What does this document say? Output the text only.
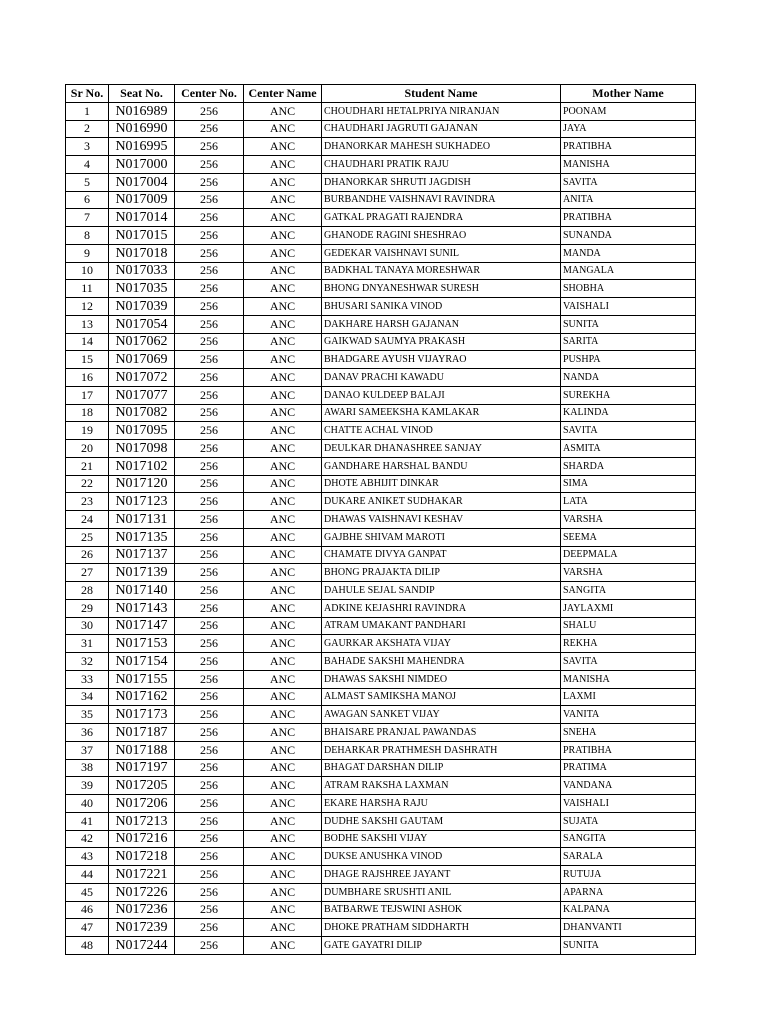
Sr No.	Seat No.	Center No.	Center Name	Student Name	Mother Name
1	N016989	256	ANC	CHOUDHARI HETALPRIYA NIRANJAN	POONAM
2	N016990	256	ANC	CHAUDHARI JAGRUTI GAJANAN	JAYA
3	N016995	256	ANC	DHANORKAR MAHESH SUKHADEO	PRATIBHA
4	N017000	256	ANC	CHAUDHARI PRATIK RAJU	MANISHA
5	N017004	256	ANC	DHANORKAR SHRUTI JAGDISH	SAVITA
6	N017009	256	ANC	BURBANDHE VAISHNAVI RAVINDRA	ANITA
7	N017014	256	ANC	GATKAL PRAGATI RAJENDRA	PRATIBHA
8	N017015	256	ANC	GHANODE RAGINI SHESHRAO	SUNANDA
9	N017018	256	ANC	GEDEKAR VAISHNAVI SUNIL	MANDA
10	N017033	256	ANC	BADKHAL TANAYA MORESHWAR	MANGALA
11	N017035	256	ANC	BHONG DNYANESHWAR SURESH	SHOBHA
12	N017039	256	ANC	BHUSARI SANIKA VINOD	VAISHALI
13	N017054	256	ANC	DAKHARE HARSH GAJANAN	SUNITA
14	N017062	256	ANC	GAIKWAD SAUMYA PRAKASH	SARITA
15	N017069	256	ANC	BHADGARE AYUSH VIJAYRAO	PUSHPA
16	N017072	256	ANC	DANAV PRACHI KAWADU	NANDA
17	N017077	256	ANC	DANAO KULDEEP BALAJI	SUREKHA
18	N017082	256	ANC	AWARI SAMEEKSHA KAMLAKAR	KALINDA
19	N017095	256	ANC	CHATTE ACHAL VINOD	SAVITA
20	N017098	256	ANC	DEULKAR DHANASHREE SANJAY	ASMITA
21	N017102	256	ANC	GANDHARE HARSHAL BANDU	SHARDA
22	N017120	256	ANC	DHOTE ABHIJIT DINKAR	SIMA
23	N017123	256	ANC	DUKARE ANIKET SUDHAKAR	LATA
24	N017131	256	ANC	DHAWAS VAISHNAVI KESHAV	VARSHA
25	N017135	256	ANC	GAJBHE SHIVAM MAROTI	SEEMA
26	N017137	256	ANC	CHAMATE DIVYA GANPAT	DEEPMALA
27	N017139	256	ANC	BHONG PRAJAKTA DILIP	VARSHA
28	N017140	256	ANC	DAHULE SEJAL SANDIP	SANGITA
29	N017143	256	ANC	ADKINE KEJASHRI RAVINDRA	JAYLAXMI
30	N017147	256	ANC	ATRAM UMAKANT PANDHARI	SHALU
31	N017153	256	ANC	GAURKAR AKSHATA VIJAY	REKHA
32	N017154	256	ANC	BAHADE SAKSHI MAHENDRA	SAVITA
33	N017155	256	ANC	DHAWAS SAKSHI NIMDEO	MANISHA
34	N017162	256	ANC	ALMAST SAMIKSHA MANOJ	LAXMI
35	N017173	256	ANC	AWAGAN SANKET VIJAY	VANITA
36	N017187	256	ANC	BHAISARE PRANJAL PAWANDAS	SNEHA
37	N017188	256	ANC	DEHARKAR PRATHMESH DASHRATH	PRATIBHA
38	N017197	256	ANC	BHAGAT DARSHAN DILIP	PRATIMA
39	N017205	256	ANC	ATRAM RAKSHA LAXMAN	VANDANA
40	N017206	256	ANC	EKARE HARSHA RAJU	VAISHALI
41	N017213	256	ANC	DUDHE SAKSHI GAUTAM	SUJATA
42	N017216	256	ANC	BODHE SAKSHI VIJAY	SANGITA
43	N017218	256	ANC	DUKSE ANUSHKA VINOD	SARALA
44	N017221	256	ANC	DHAGE RAJSHREE JAYANT	RUTUJA
45	N017226	256	ANC	DUMBHARE SRUSHTI ANIL	APARNA
46	N017236	256	ANC	BATBARWE TEJSWINI ASHOK	KALPANA
47	N017239	256	ANC	DHOKE PRATHAM SIDDHARTH	DHANVANTI
48	N017244	256	ANC	GATE GAYATRI DILIP	SUNITA
